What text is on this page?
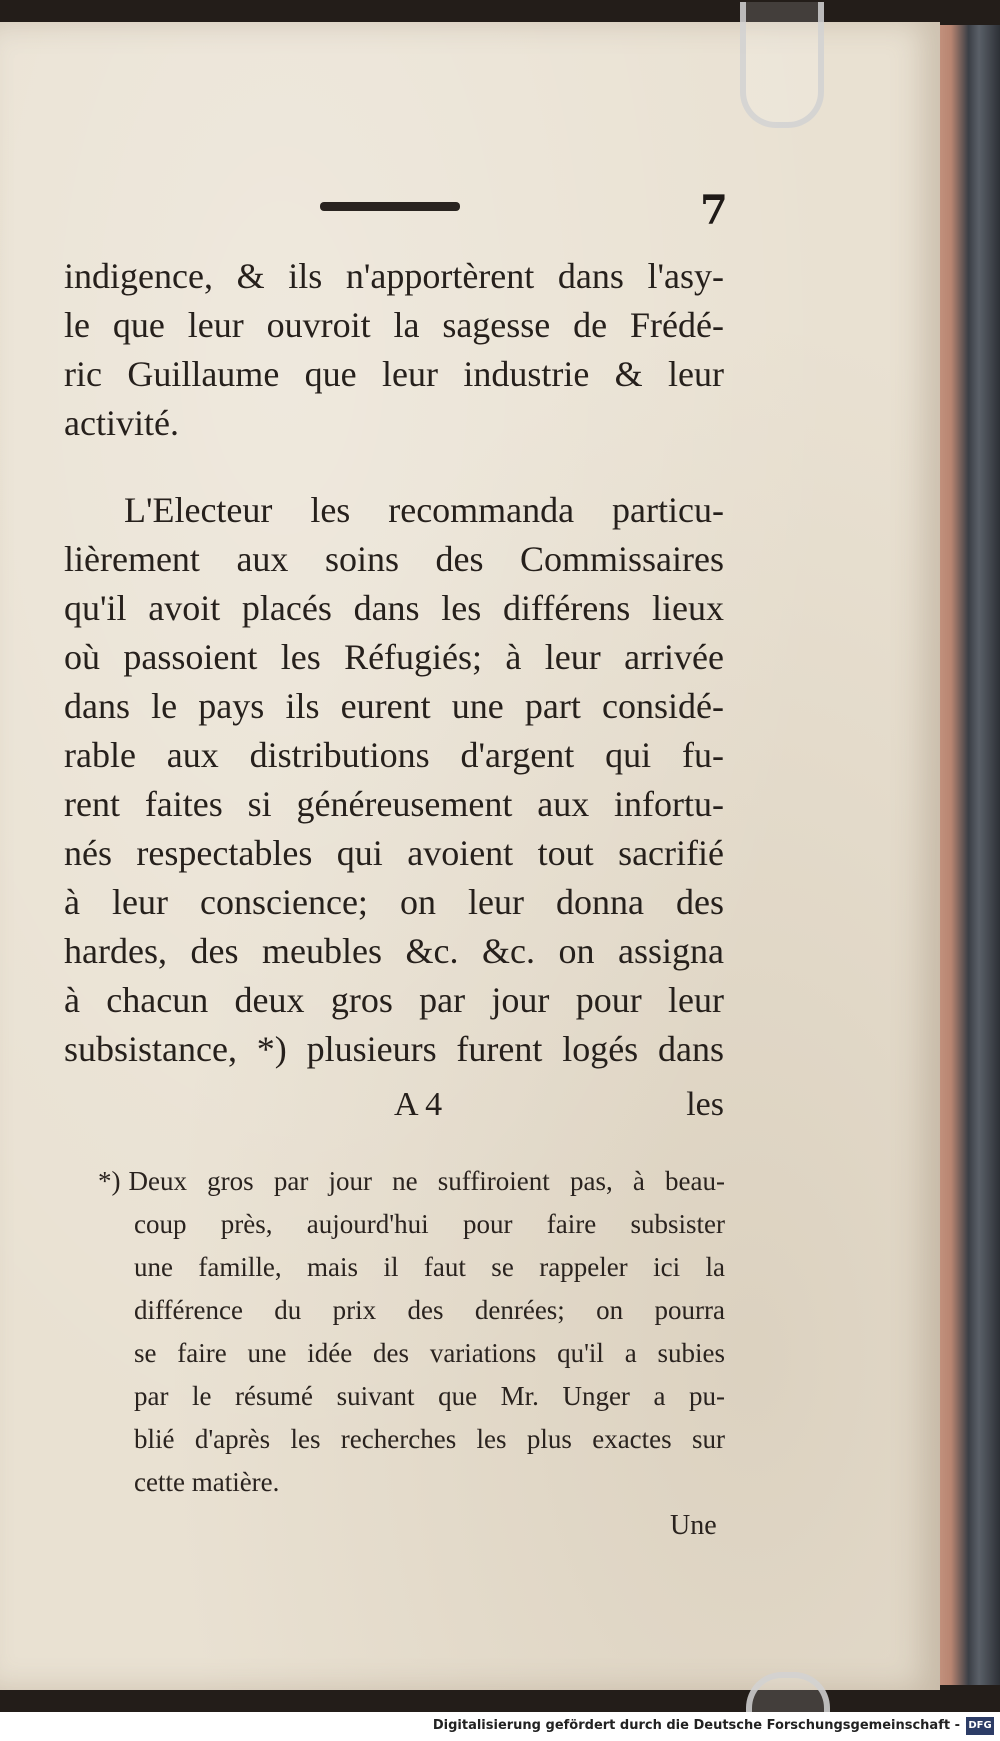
7
indigence, & ils n'apportèrent dans l'asy-
le que leur ouvroit la sagesse de Frédé-
ric Guillaume que leur industrie & leur
activité.
L'Electeur les recommanda particu-
lièrement aux soins des Commissaires
qu'il avoit placés dans les différens lieux
où passoient les Réfugiés; à leur arrivée
dans le pays ils eurent une part considé-
rable aux distributions d'argent qui fu-
rent faites si généreusement aux infortu-
nés respectables qui avoient tout sacrifié
à leur conscience; on leur donna des
hardes, des meubles &c. &c. on assigna
à chacun deux gros par jour pour leur
subsistance, *) plusieurs furent logés dans
A 4	les
*) Deux gros par jour ne suffiroient pas, à beau-
coup près, aujourd'hui pour faire subsister
une famille, mais il faut se rappeler ici la
différence du prix des denrées; on pourra
se faire une idée des variations qu'il a subies
par le résumé suivant que Mr. Unger a pu-
blié d'après les recherches les plus exactes sur
cette matière.
Une
Digitalisierung gefördert durch die Deutsche Forschungsgemeinschaft - DFG
